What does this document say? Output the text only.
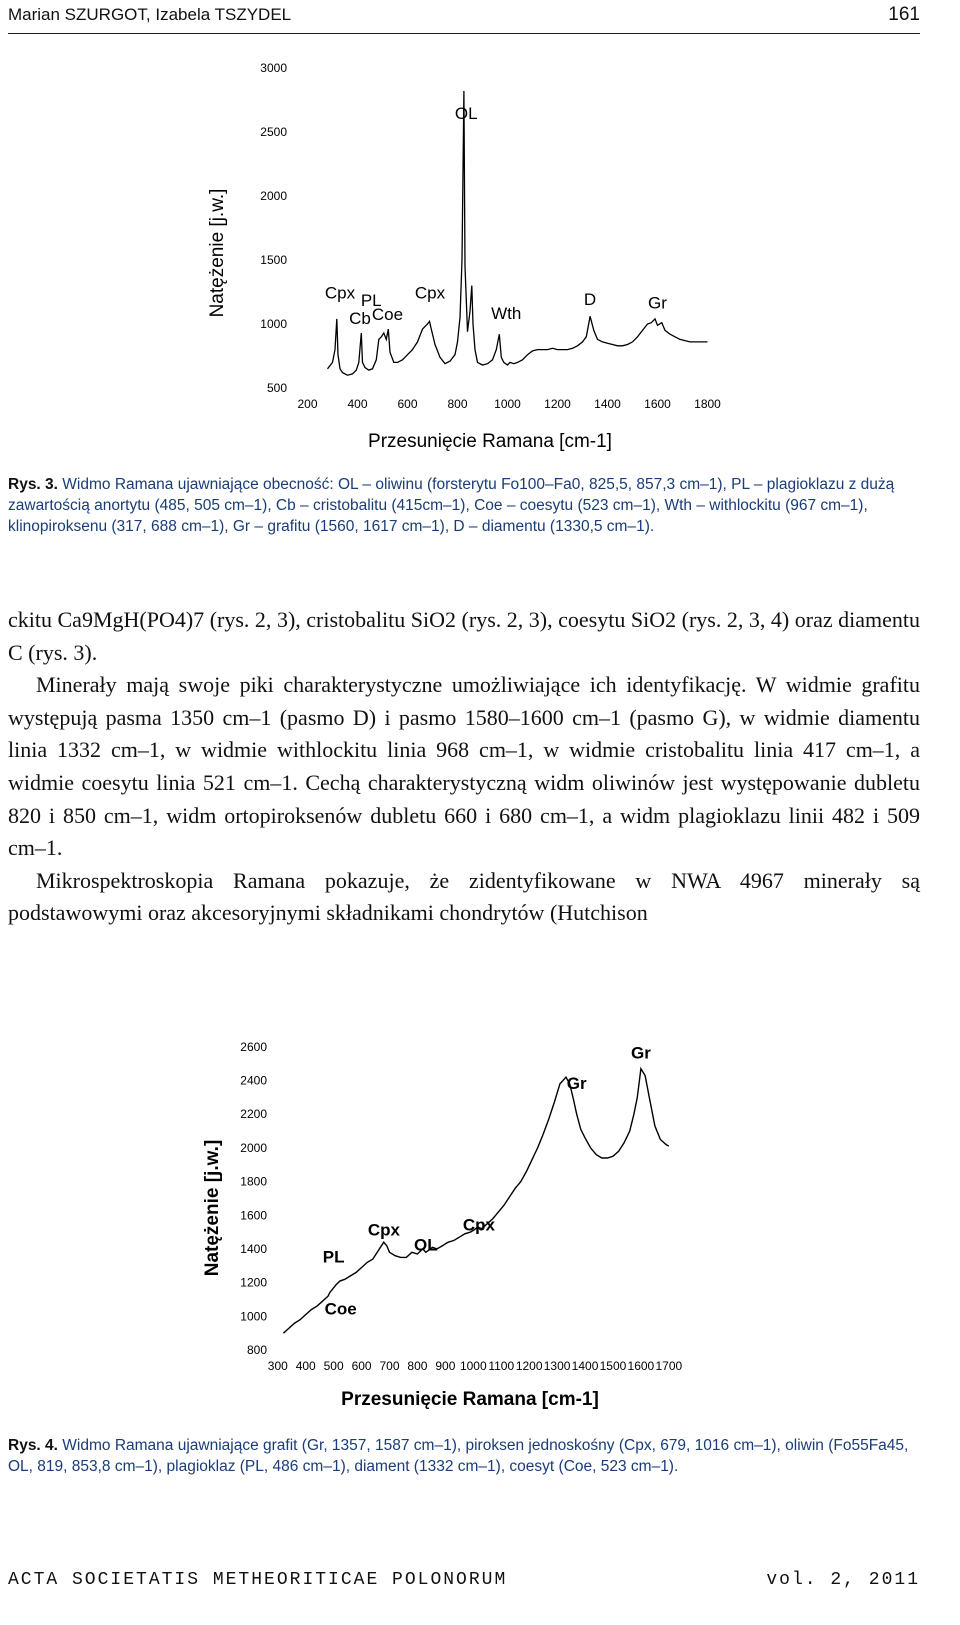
Marian SZURGOT, Izabela TSZYDEL	161
Natężenie [j.w.]
Przesunięcie Ramana [cm-1]
3000
2500
2000
1500
1000
500
200 400 600 800 1000 1200 1400 1600 1800
OL
Cpx PL Cpx
Cb Coe	Wth
D	Gr
Rys. 3. Widmo Ramana ujawniające obecność: OL – oliwinu (forsterytu Fo100–Fa0, 825,5, 857,3 cm–1), PL – plagioklazu z dużą zawartością anortytu (485, 505 cm–1), Cb – cristobalitu (415cm–1), Coe – coesytu (523 cm–1), Wth – withlockitu (967 cm–1), klinopiroksenu (317, 688 cm–1), Gr – grafitu (1560, 1617 cm–1), D – diamentu (1330,5 cm–1).

ckitu Ca9MgH(PO4)7 (rys. 2, 3), cristobalitu SiO2 (rys. 2, 3), coesytu SiO2 (rys. 2, 3, 4) oraz diamentu C (rys. 3).

Minerały mają swoje piki charakterystyczne umożliwiające ich identyfikację. W widmie grafitu występują pasma 1350 cm–1 (pasmo D) i pasmo 1580–1600 cm–1 (pasmo G), w widmie diamentu linia 1332 cm–1, w widmie withlockitu linia 968 cm–1, w widmie cristobalitu linia 417 cm–1, a widmie coesytu linia 521 cm–1. Cechą charakterystyczną widm oliwinów jest występowanie dubletu 820 i 850 cm–1, widm ortopiroksenów dubletu 660 i 680 cm–1, a widm plagioklazu linii 482 i 509 cm–1.

Mikrospektroskopia Ramana pokazuje, że zidentyfikowane w NWA 4967 minerały są podstawowymi oraz akcesoryjnymi składnikami chondrytów (Hutchison

Natężenie [j.w.]
Przesunięcie Ramana [cm-1]
2600
2400
2200
2000
1800
1600
1400
1200
1000
800
300 400 500 600 700 800 900 1000 1100 1200 1300 1400 1500 1600 1700
Gr
Gr
Cpx	Cpx
OL
PL
Coe
Rys. 4. Widmo Ramana ujawniające grafit (Gr, 1357, 1587 cm–1), piroksen jednoskośny (Cpx, 679, 1016 cm–1), oliwin (Fo55Fa45, OL, 819, 853,8 cm–1), plagioklaz (PL, 486 cm–1), diament (1332 cm–1), coesyt (Coe, 523 cm–1).
ACTA SOCIETATIS METHEORITICAE POLONORUM	vol. 2, 2011
